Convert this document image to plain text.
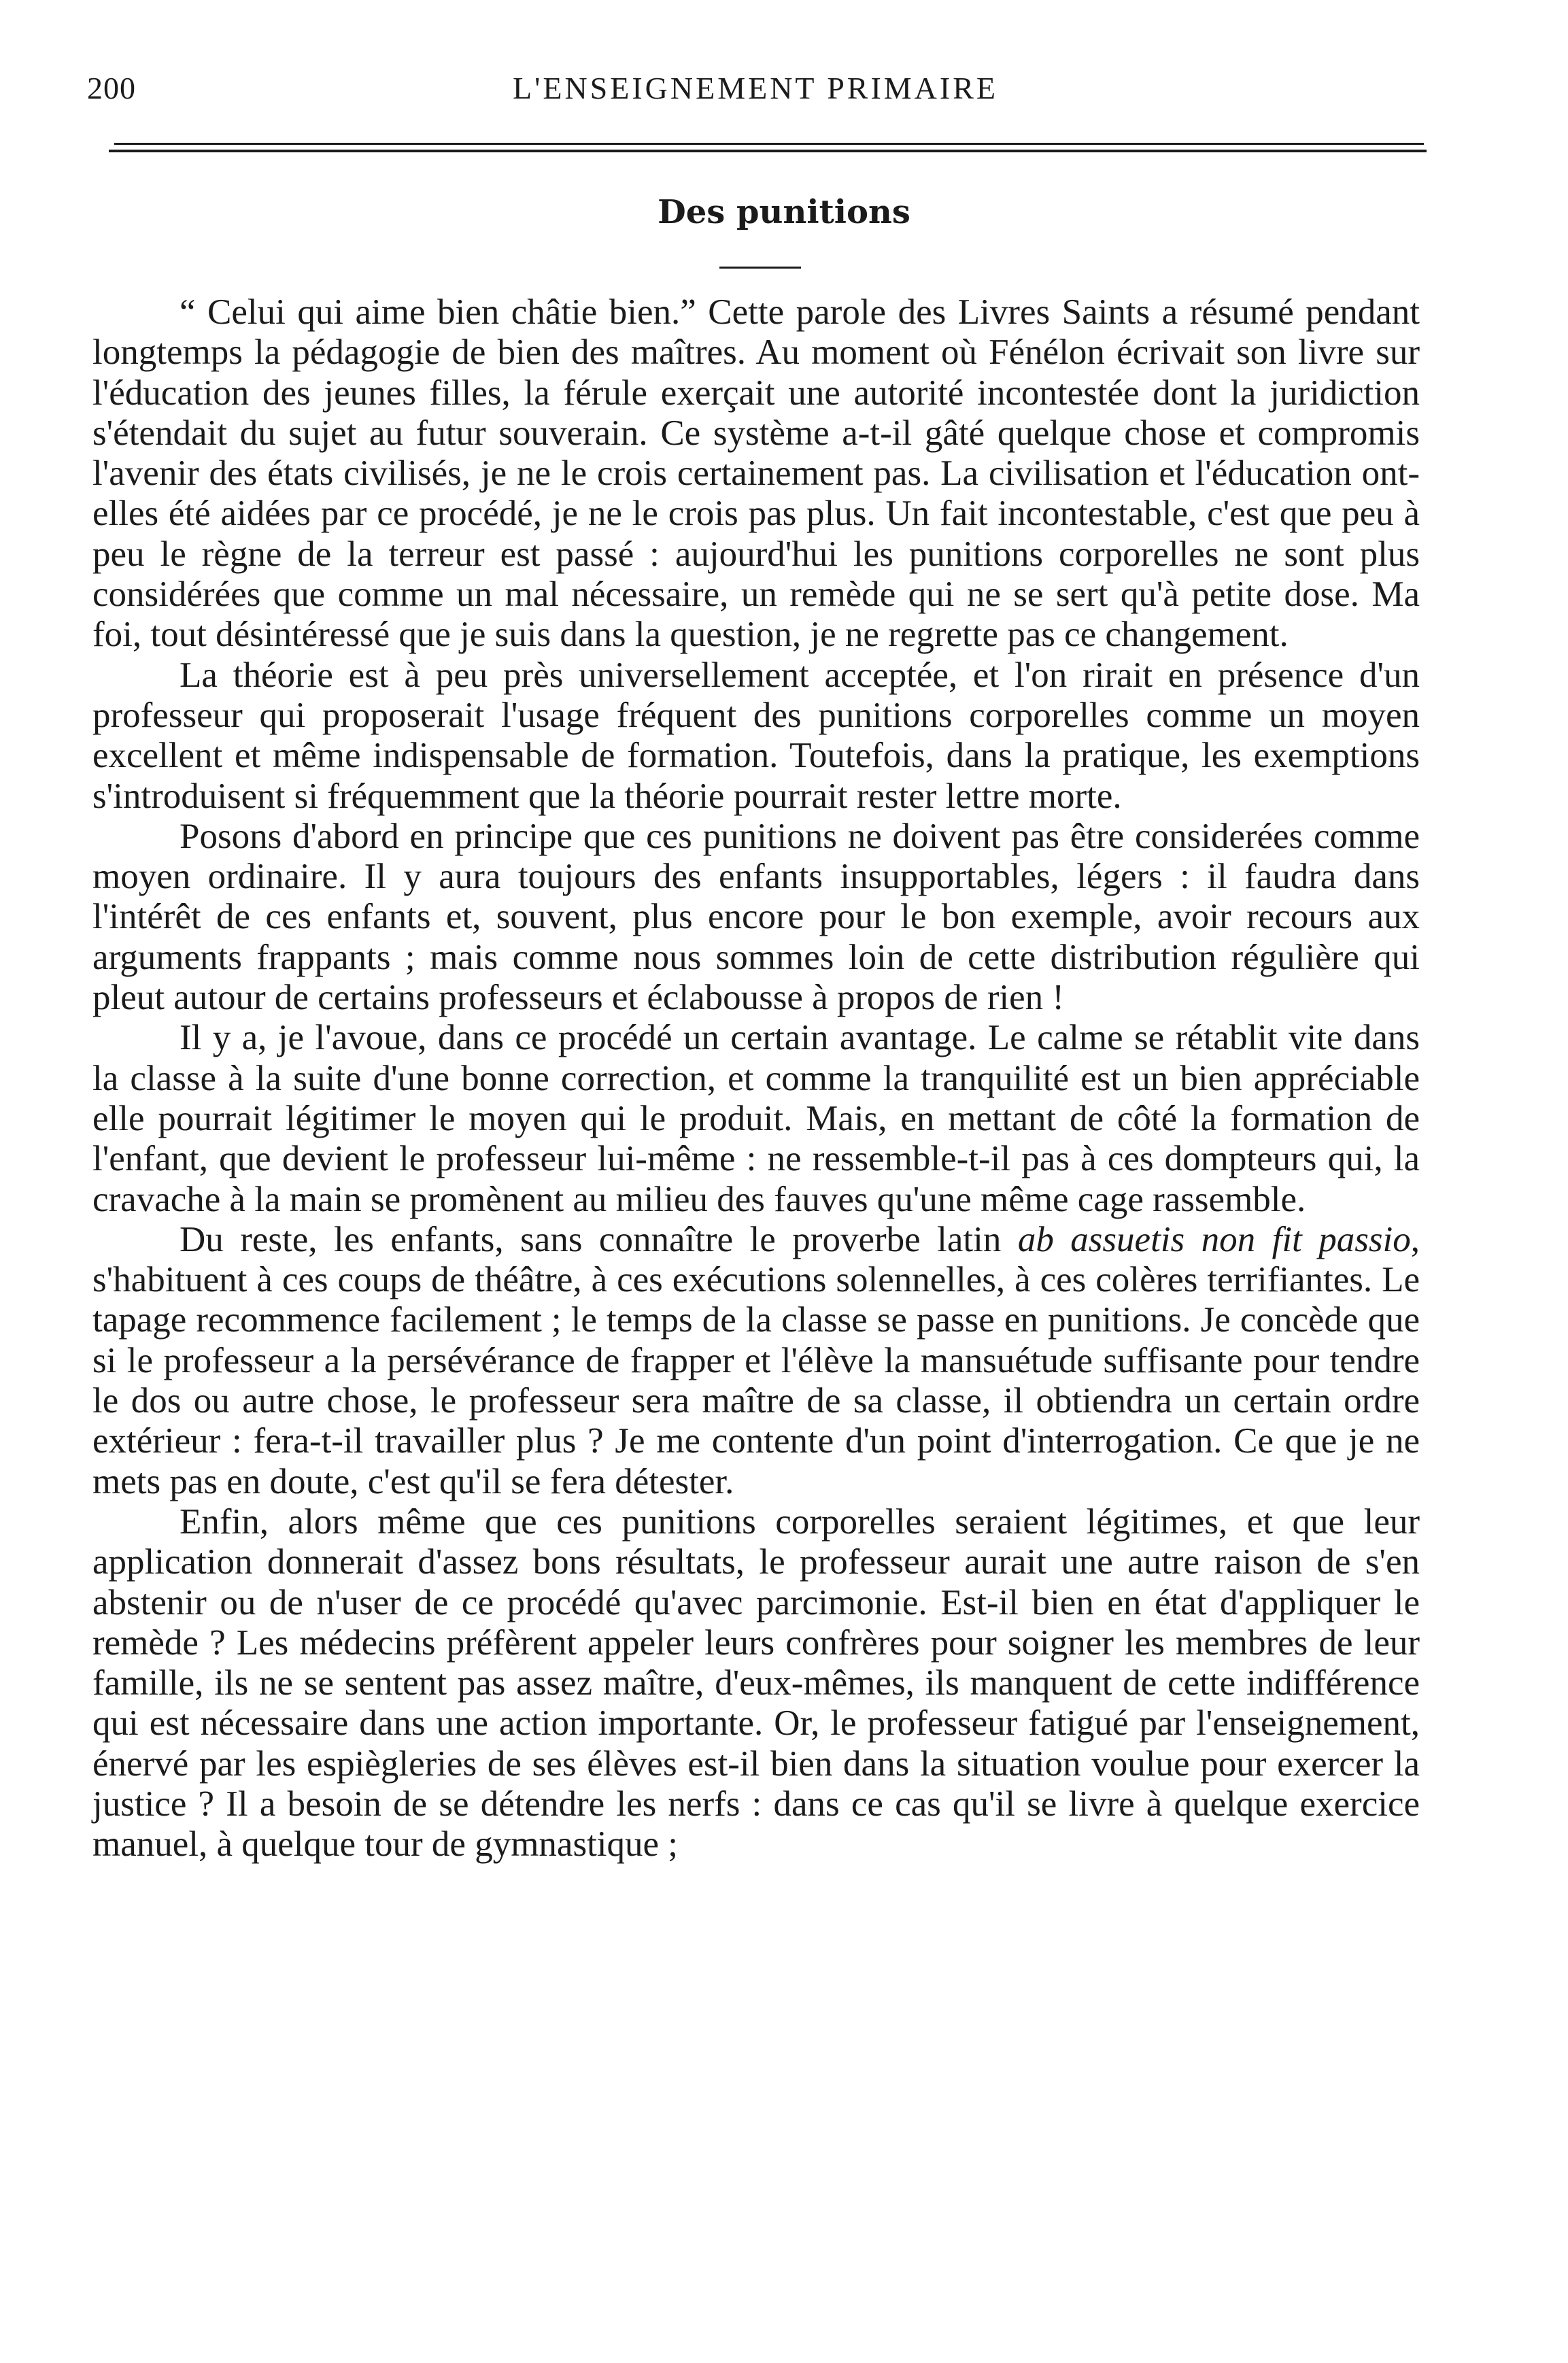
200	L'ENSEIGNEMENT PRIMAIRE
Des punitions

“ Celui qui aime bien châtie bien.” Cette parole des Livres Saints a résumé pendant longtemps la pédagogie de bien des maîtres. Au moment où Fénélon écrivait son livre sur l'éducation des jeunes filles, la férule exerçait une autorité incontestée dont la juridiction s'étendait du sujet au futur souverain. Ce système a-t-il gâté quelque chose et compromis l'avenir des états civilisés, je ne le crois certainement pas. La civilisation et l'éducation ont-elles été aidées par ce procédé, je ne le crois pas plus. Un fait incontestable, c'est que peu à peu le règne de la terreur est passé : aujourd'hui les punitions corporelles ne sont plus considérées que comme un mal nécessaire, un remède qui ne se sert qu'à petite dose. Ma foi, tout désintéressé que je suis dans la question, je ne regrette pas ce changement.

La théorie est à peu près universellement acceptée, et l'on rirait en présence d'un professeur qui proposerait l'usage fréquent des punitions corporelles comme un moyen excellent et même indispensable de formation. Toutefois, dans la pratique, les exemptions s'introduisent si fréquemment que la théorie pourrait rester lettre morte.

Posons d'abord en principe que ces punitions ne doivent pas être considerées comme moyen ordinaire. Il y aura toujours des enfants insupportables, légers : il faudra dans l'intérêt de ces enfants et, souvent, plus encore pour le bon exemple, avoir recours aux arguments frappants ; mais comme nous sommes loin de cette distribution régulière qui pleut autour de certains professeurs et éclabousse à propos de rien !

Il y a, je l'avoue, dans ce procédé un certain avantage. Le calme se rétablit vite dans la classe à la suite d'une bonne correction, et comme la tranquilité est un bien appréciable elle pourrait légitimer le moyen qui le produit. Mais, en mettant de côté la formation de l'enfant, que devient le professeur lui-même : ne ressemble-t-il pas à ces dompteurs qui, la cravache à la main se promènent au milieu des fauves qu'une même cage rassemble.

Du reste, les enfants, sans connaître le proverbe latin ab assuetis non fit passio, s'habituent à ces coups de théâtre, à ces exécutions solennelles, à ces colères terrifiantes. Le tapage recommence facilement ; le temps de la classe se passe en punitions. Je concède que si le professeur a la persévérance de frapper et l'élève la mansuétude suffisante pour tendre le dos ou autre chose, le professeur sera maître de sa classe, il obtiendra un certain ordre extérieur : fera-t-il travailler plus ? Je me contente d'un point d'interrogation. Ce que je ne mets pas en doute, c'est qu'il se fera détester.

Enfin, alors même que ces punitions corporelles seraient légitimes, et que leur application donnerait d'assez bons résultats, le professeur aurait une autre raison de s'en abstenir ou de n'user de ce procédé qu'avec parcimonie. Est-il bien en état d'appliquer le remède ? Les médecins préfèrent appeler leurs confrères pour soigner les membres de leur famille, ils ne se sentent pas assez maître, d'eux-mêmes, ils manquent de cette indifférence qui est nécessaire dans une action importante. Or, le professeur fatigué par l'enseignement, énervé par les espiègleries de ses élèves est-il bien dans la situation voulue pour exercer la justice ? Il a besoin de se détendre les nerfs : dans ce cas qu'il se livre à quelque exercice manuel, à quelque tour de gymnastique ;
